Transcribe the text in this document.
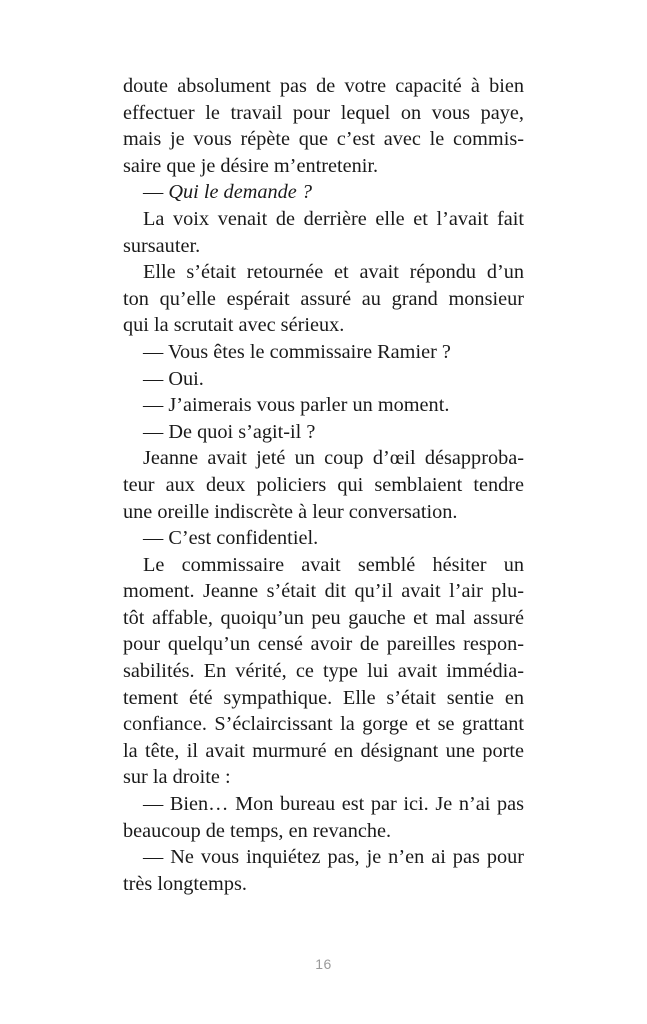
doute absolument pas de votre capacité à bien
effectuer le travail pour lequel on vous paye,
mais je vous répète que c’est avec le commis-
saire que je désire m’entretenir.
— Qui le demande ?
La voix venait de derrière elle et l’avait fait
sursauter.
Elle s’était retournée et avait répondu d’un
ton qu’elle espérait assuré au grand monsieur
qui la scrutait avec sérieux.
— Vous êtes le commissaire Ramier ?
— Oui.
— J’aimerais vous parler un moment.
— De quoi s’agit-il ?
Jeanne avait jeté un coup d’œil désapproba-
teur aux deux policiers qui semblaient tendre
une oreille indiscrète à leur conversation.
— C’est confidentiel.
Le commissaire avait semblé hésiter un
moment. Jeanne s’était dit qu’il avait l’air plu-
tôt affable, quoiqu’un peu gauche et mal assuré
pour quelqu’un censé avoir de pareilles respon-
sabilités. En vérité, ce type lui avait immédia-
tement été sympathique. Elle s’était sentie en
confiance. S’éclaircissant la gorge et se grattant
la tête, il avait murmuré en désignant une porte
sur la droite :
— Bien… Mon bureau est par ici. Je n’ai pas
beaucoup de temps, en revanche.
— Ne vous inquiétez pas, je n’en ai pas pour
très longtemps.
16
